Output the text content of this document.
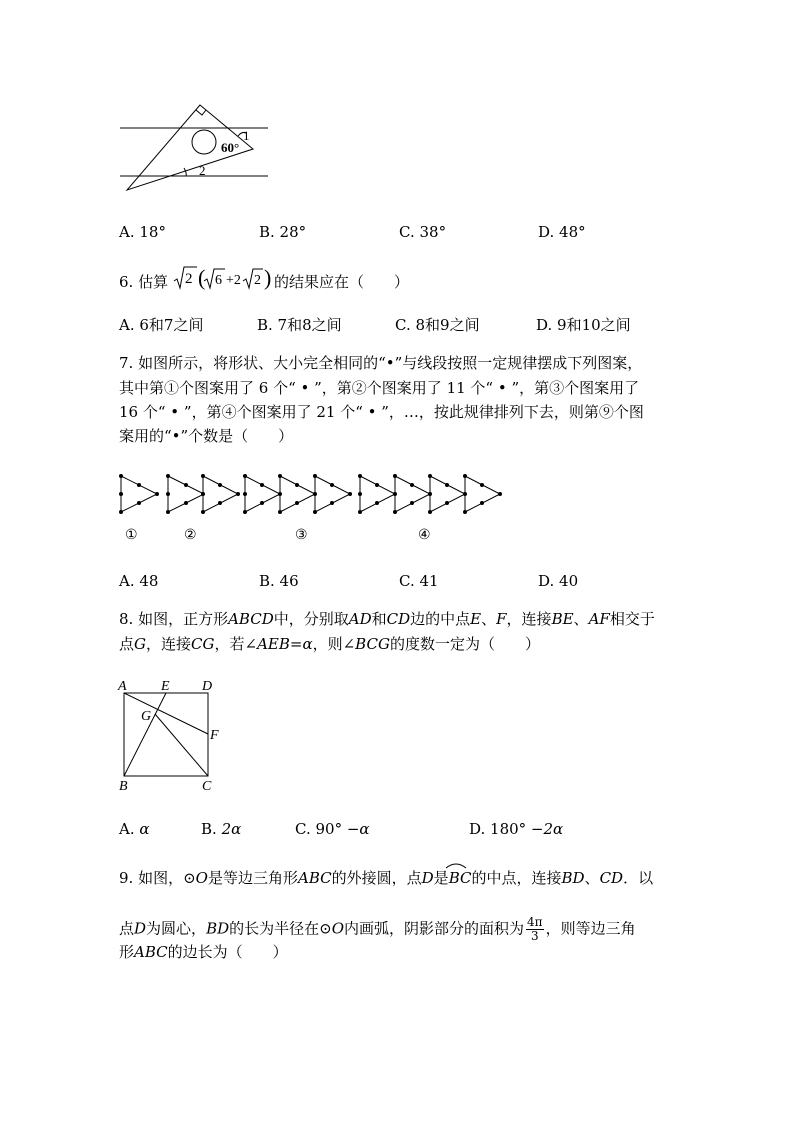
60°
1
2
A. 18°	B. 28°	C. 38°	D. 48°
6. 估算 2 ( 6 +2 2 ) 的结果应在（　　）
A. 6和7之间	B. 7和8之间	C. 8和9之间	D. 9和10之间
7. 如图所示，将形状、大小完全相同的“•”与线段按照一定规律摆成下列图案，
其中第①个图案用了 6 个“ • ”，第②个图案用了 11 个“ • ”，第③个图案用了
16 个“ • ”，第④个图案用了 21 个“ • ”，…，按此规律排列下去，则第⑨个图
案用的“•”个数是（　　）
①	②	③	④
A. 48	B. 46	C. 41	D. 40
8. 如图，正方形ABCD中，分别取AD和CD边的中点E、F，连接BE、AF相交于
点G，连接CG，若∠AEB=α，则∠BCG的度数一定为（　　）
A E D
G
F
B	C
A. α	B. 2α	C. 90° −α	D. 180° −2α
9. 如图，⊙O是等边三角形ABC的外接圆，点D是BC的中点，连接BD、CD．以
点D为圆心，BD的长为半径在⊙O内画弧，阴影部分的面积为 $\frac{4\pi}{3}$ ，则等边三角
形ABC的边长为（　　）
